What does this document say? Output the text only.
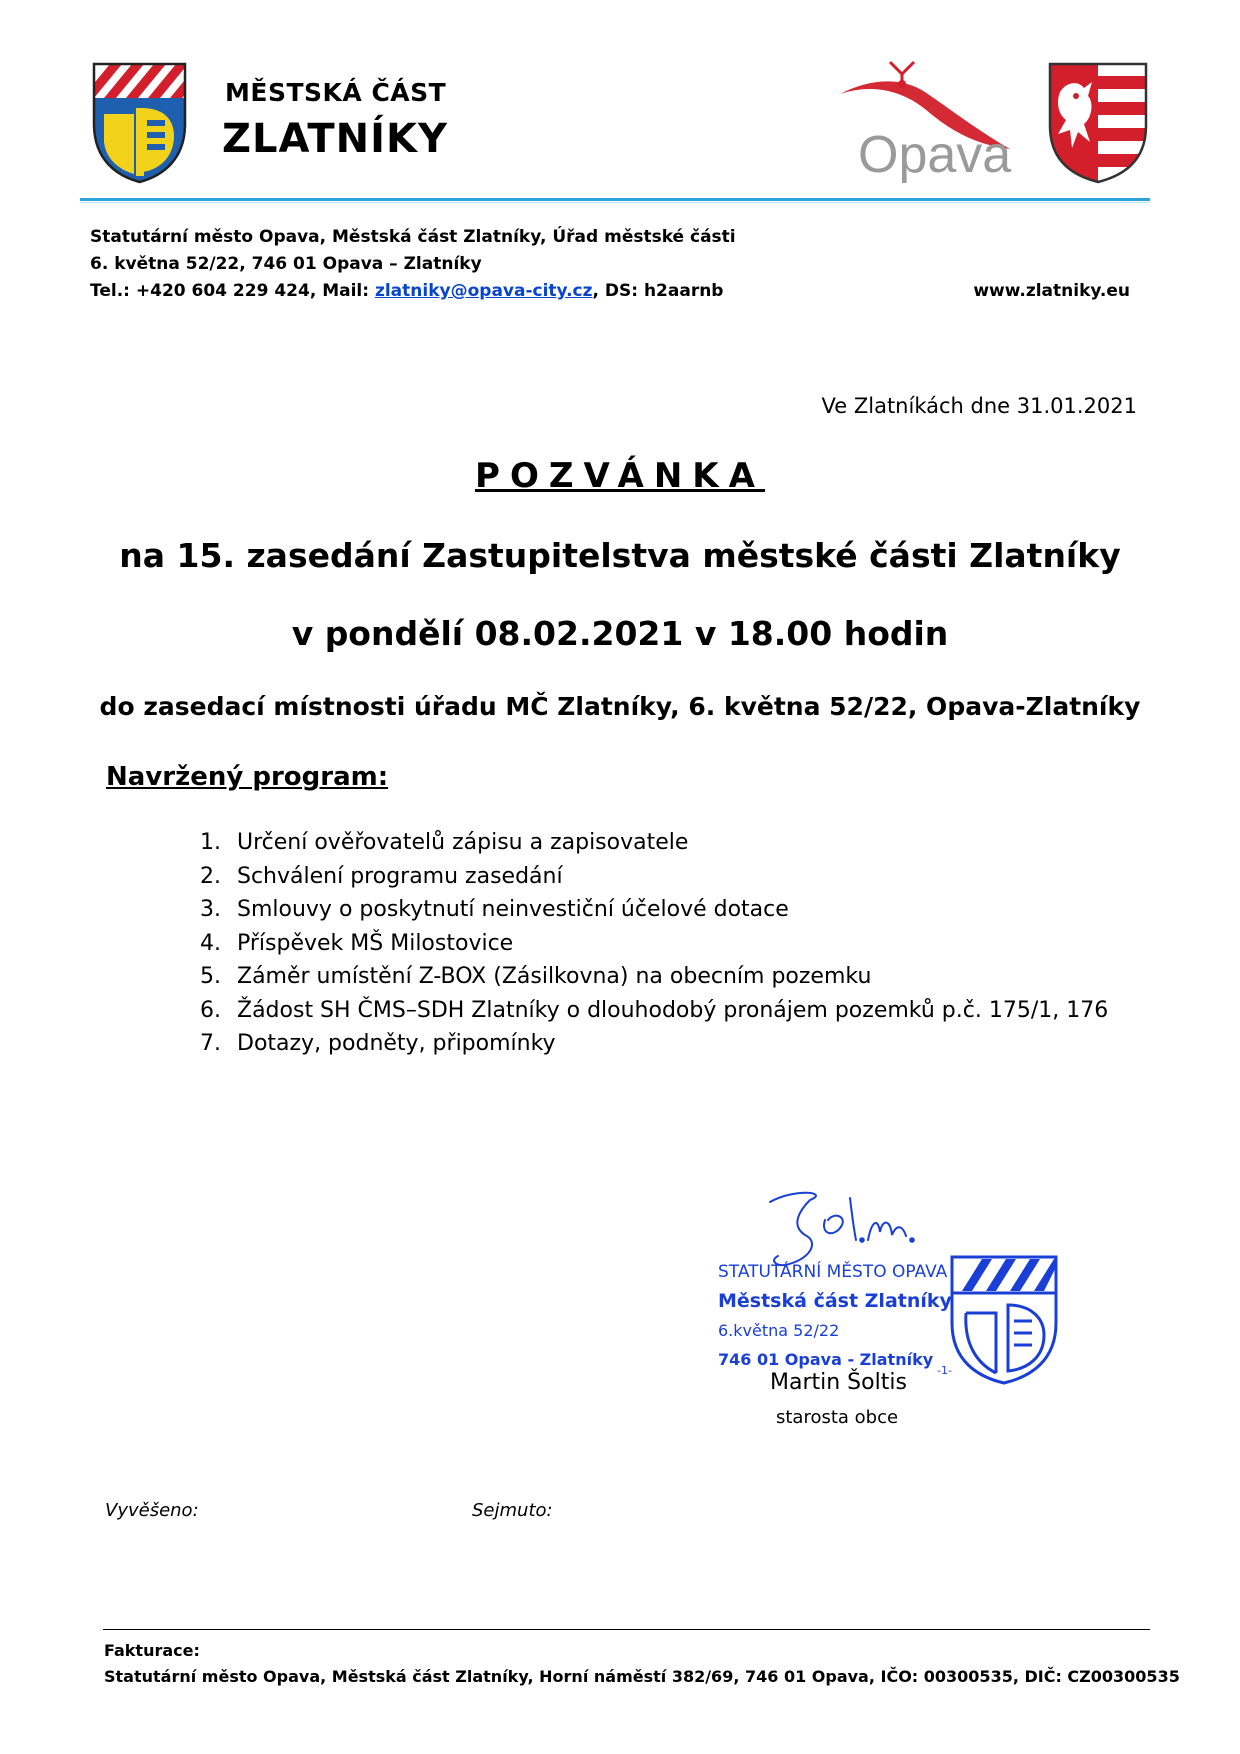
MĚSTSKÁ ČÁST
ZLATNÍKY	Opava
Statutární město Opava, Městská část Zlatníky, Úřad městské části
6. května 52/22, 746 01 Opava – Zlatníky
Tel.: +420 604 229 424, Mail: zlatniky@opava-city.cz, DS: h2aarnb	www.zlatniky.eu
Ve Zlatníkách dne 31.01.2021
POZVÁNKA
na 15. zasedání Zastupitelstva městské části Zlatníky
v pondělí 08.02.2021 v 18.00 hodin
do zasedací místnosti úřadu MČ Zlatníky, 6. května 52/22, Opava-Zlatníky
Navržený program:
1. Určení ověřovatelů zápisu a zapisovatele
2. Schválení programu zasedání
3. Smlouvy o poskytnutí neinvestiční účelové dotace
4. Příspěvek MŠ Milostovice
5. Záměr umístění Z-BOX (Zásilkovna) na obecním pozemku
6. Žádost SH ČMS–SDH Zlatníky o dlouhodobý pronájem pozemků p.č. 175/1, 176
7. Dotazy, podněty, připomínky
STATUTÁRNÍ MĚSTO OPAVA
Městská část Zlatníky
6.května 52/22
746 01 Opava - Zlatníky
-1-
Martin Šoltis
starosta obce
Vyvěšeno:	Sejmuto:
Fakturace:
Statutární město Opava, Městská část Zlatníky, Horní náměstí 382/69, 746 01 Opava, IČO: 00300535, DIČ: CZ00300535
